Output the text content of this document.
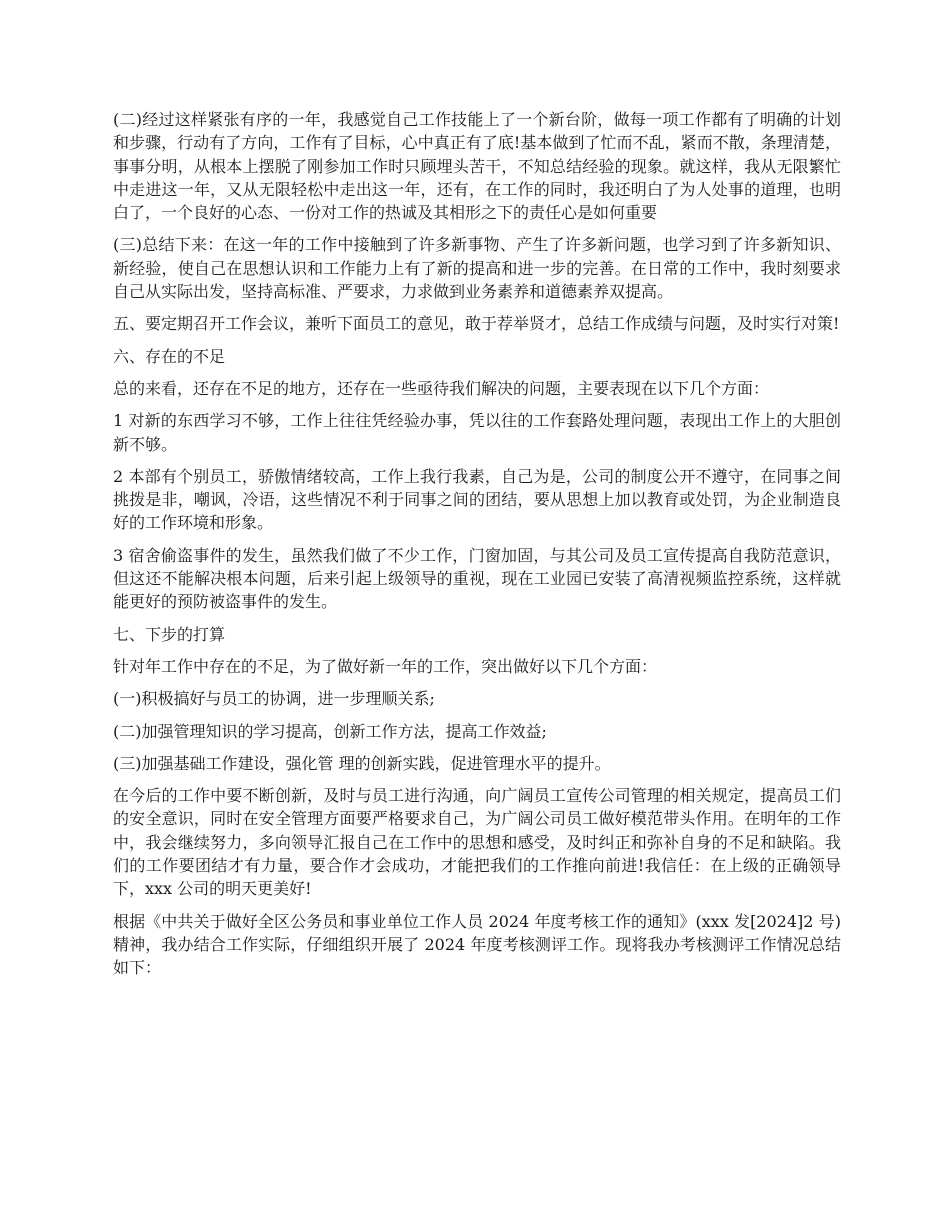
(二)经过这样紧张有序的一年，我感觉自己工作技能上了一个新台阶，做每一项工作都有了明确的计划和步骤，行动有了方向，工作有了目标，心中真正有了底!基本做到了忙而不乱，紧而不散，条理清楚，事事分明，从根本上摆脱了刚参加工作时只顾埋头苦干，不知总结经验的现象。就这样，我从无限繁忙中走进这一年，又从无限轻松中走出这一年，还有，在工作的同时，我还明白了为人处事的道理，也明白了，一个良好的心态、一份对工作的热诚及其相形之下的责任心是如何重要

(三)总结下来：在这一年的工作中接触到了许多新事物、产生了许多新问题，也学习到了许多新知识、新经验，使自己在思想认识和工作能力上有了新的提高和进一步的完善。在日常的工作中，我时刻要求自己从实际出发，坚持高标准、严要求，力求做到业务素养和道德素养双提高。

五、要定期召开工作会议，兼听下面员工的意见，敢于荐举贤才，总结工作成绩与问题，及时实行对策!

六、存在的不足

总的来看，还存在不足的地方，还存在一些亟待我们解决的问题，主要表现在以下几个方面：

1 对新的东西学习不够，工作上往往凭经验办事，凭以往的工作套路处理问题，表现出工作上的大胆创新不够。

2 本部有个别员工，骄傲情绪较高，工作上我行我素，自己为是，公司的制度公开不遵守，在同事之间挑拨是非，嘲讽，冷语，这些情况不利于同事之间的团结，要从思想上加以教育或处罚，为企业制造良好的工作环境和形象。

3 宿舍偷盗事件的发生，虽然我们做了不少工作，门窗加固，与其公司及员工宣传提高自我防范意识，但这还不能解决根本问题，后来引起上级领导的重视，现在工业园已安装了高清视频监控系统，这样就能更好的预防被盗事件的发生。

七、下步的打算

针对年工作中存在的不足，为了做好新一年的工作，突出做好以下几个方面：

(一)积极搞好与员工的协调，进一步理顺关系;

(二)加强管理知识的学习提高，创新工作方法，提高工作效益;

(三)加强基础工作建设，强化管 理的创新实践，促进管理水平的提升。

在今后的工作中要不断创新，及时与员工进行沟通，向广阔员工宣传公司管理的相关规定，提高员工们的安全意识，同时在安全管理方面要严格要求自己，为广阔公司员工做好模范带头作用。在明年的工作中，我会继续努力，多向领导汇报自己在工作中的思想和感受，及时纠正和弥补自身的不足和缺陷。我们的工作要团结才有力量，要合作才会成功，才能把我们的工作推向前进!我信任：在上级的正确领导下，xxx 公司的明天更美好!

根据《中共关于做好全区公务员和事业单位工作人员 2024 年度考核工作的通知》(xxx 发[2024]2 号)精神，我办结合工作实际，仔细组织开展了 2024 年度考核测评工作。现将我办考核测评工作情况总结如下：
